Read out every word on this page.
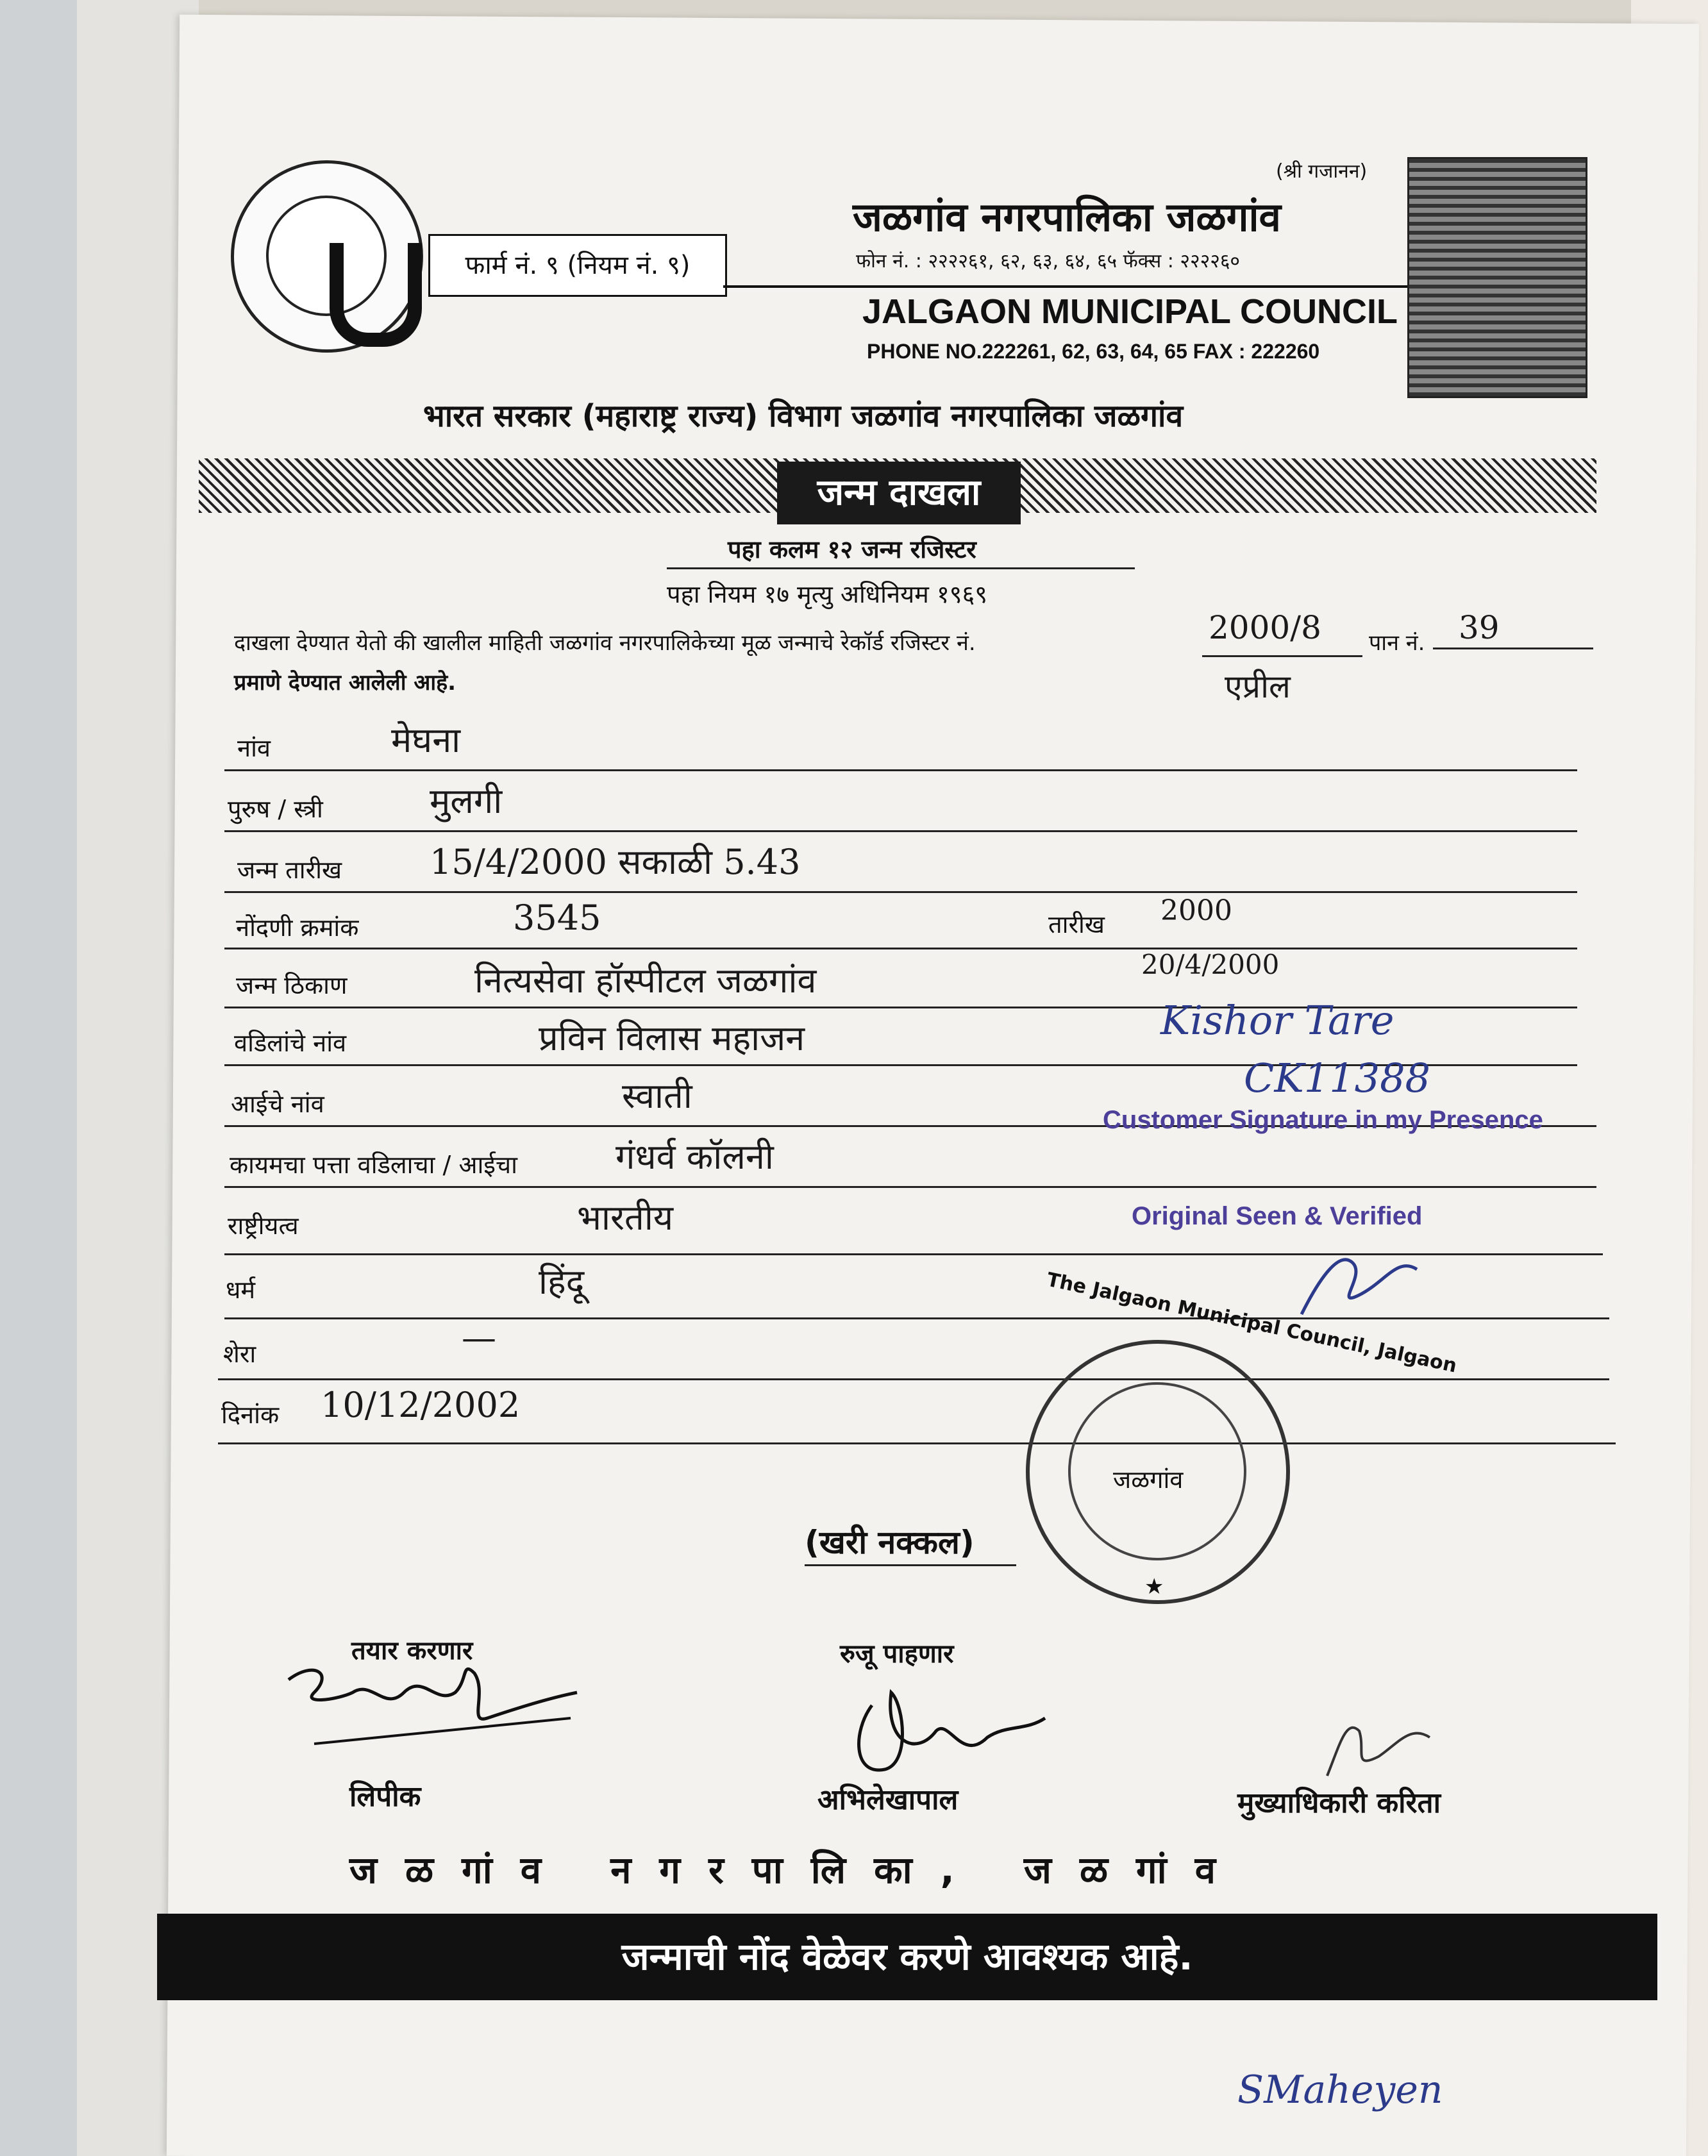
फार्म नं. ९ (नियम नं. ९)
(श्री गजानन)
जळगांव नगरपालिका जळगांव
फोन नं. : २२२२६१, ६२, ६३, ६४, ६५ फॅक्स : २२२२६०
JALGAON MUNICIPAL COUNCIL
PHONE NO.222261, 62, 63, 64, 65 FAX : 222260
भारत सरकार (महाराष्ट्र राज्य) विभाग जळगांव नगरपालिका जळगांव
जन्म दाखला
पहा कलम १२ जन्म रजिस्टर
पहा नियम १७ मृत्यु अधिनियम १९६९
दाखला देण्यात येतो की खालील माहिती जळगांव नगरपालिकेच्या मूळ जन्माचे रेकॉर्ड रजिस्टर नं.	2000/8 पान नं. 39
प्रमाणे देण्यात आलेली आहे.	एप्रील
नांव	मेघना
पुरुष / स्त्री	मुलगी
जन्म तारीख	15/4/2000 सकाळी 5.43
नोंदणी क्रमांक	3545	तारीख 2000
20/4/2000
जन्म ठिकाण	नित्यसेवा हॉस्पीटल जळगांव
वडिलांचे नांव	प्रविन विलास महाजन
आईचे नांव	स्वाती
कायमचा पत्ता वडिलाचा / आईचा	गंधर्व कॉलनी
राष्ट्रीयत्व	भारतीय
धर्म	हिंदू
शेरा	—
दिनांक 10/12/2002
Kishor Tare
CK11388
Customer Signature in my Presence
Original Seen & Verified
जळगांव
The Jalgaon Municipal Council, Jalgaon
★
(खरी नक्कल)
तयार करणार
लिपीक
रुजू पाहणार
अभिलेखापाल	मुख्याधिकारी करिता
जळगांव नगरपालिका, जळगांव
जन्माची नोंद वेळेवर करणे आवश्यक आहे.
SMaheyen
